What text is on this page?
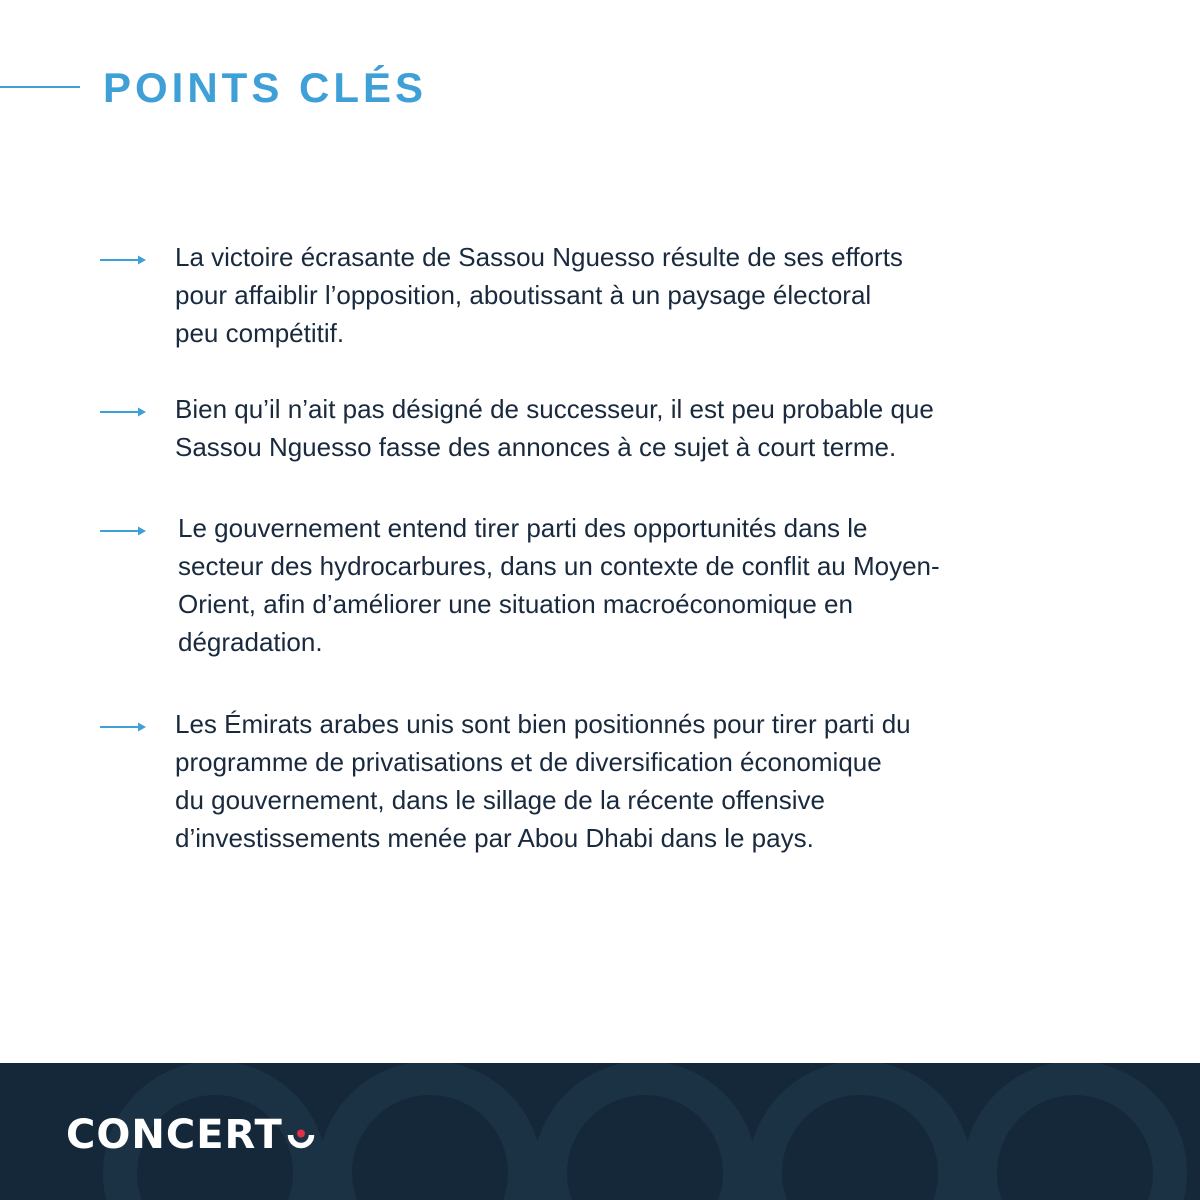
POINTS CLÉS

La victoire écrasante de Sassou Nguesso résulte de ses efforts
pour affaiblir l’opposition, aboutissant à un paysage électoral
peu compétitif.

Bien qu’il n’ait pas désigné de successeur, il est peu probable que
Sassou Nguesso fasse des annonces à ce sujet à court terme.

Le gouvernement entend tirer parti des opportunités dans le
secteur des hydrocarbures, dans un contexte de conflit au Moyen-
Orient, afin d’améliorer une situation macroéconomique en
dégradation.

Les Émirats arabes unis sont bien positionnés pour tirer parti du
programme de privatisations et de diversification économique
du gouvernement, dans le sillage de la récente offensive
d’investissements menée par Abou Dhabi dans le pays.

CONCERT
